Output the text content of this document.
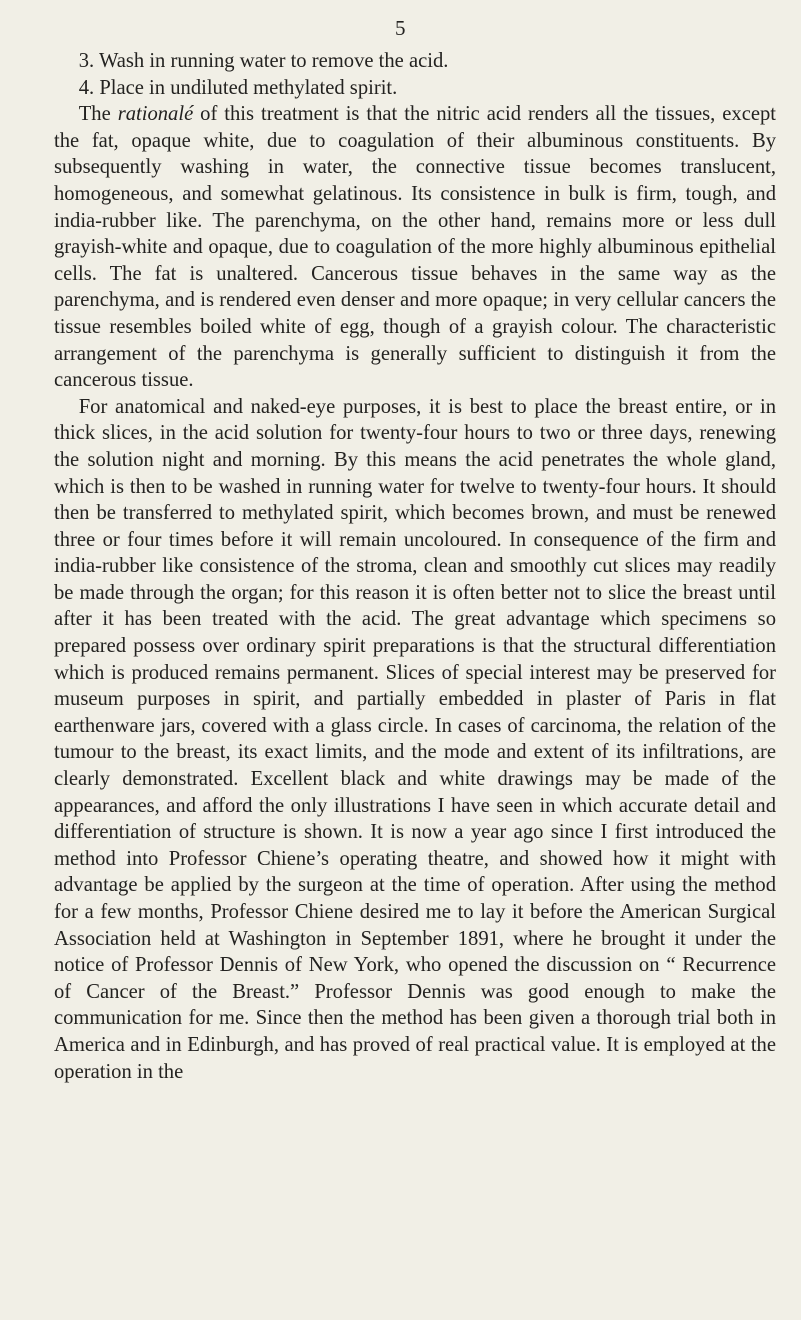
5

3. Wash in running water to remove the acid.

4. Place in undiluted methylated spirit.

The rationalé of this treatment is that the nitric acid renders all the tissues, except the fat, opaque white, due to coagulation of their albuminous constituents. By subsequently washing in water, the connective tissue becomes translucent, homogeneous, and somewhat gelatinous. Its consistence in bulk is firm, tough, and india-rubber like. The parenchyma, on the other hand, remains more or less dull grayish-white and opaque, due to coagulation of the more highly albuminous epithelial cells. The fat is unaltered. Cancerous tissue behaves in the same way as the parenchyma, and is rendered even denser and more opaque; in very cellular cancers the tissue resembles boiled white of egg, though of a grayish colour. The characteristic arrangement of the parenchyma is generally sufficient to distinguish it from the cancerous tissue.

For anatomical and naked-eye purposes, it is best to place the breast entire, or in thick slices, in the acid solution for twenty-four hours to two or three days, renewing the solution night and morning. By this means the acid penetrates the whole gland, which is then to be washed in running water for twelve to twenty-four hours. It should then be transferred to methylated spirit, which becomes brown, and must be renewed three or four times before it will remain uncoloured. In consequence of the firm and india-rubber like consistence of the stroma, clean and smoothly cut slices may readily be made through the organ; for this reason it is often better not to slice the breast until after it has been treated with the acid. The great advantage which specimens so prepared possess over ordinary spirit preparations is that the structural differentiation which is produced remains permanent. Slices of special interest may be preserved for museum purposes in spirit, and partially embedded in plaster of Paris in flat earthenware jars, covered with a glass circle. In cases of carcinoma, the relation of the tumour to the breast, its exact limits, and the mode and extent of its infiltrations, are clearly demonstrated. Excellent black and white drawings may be made of the appearances, and afford the only illustrations I have seen in which accurate detail and differentiation of structure is shown. It is now a year ago since I first introduced the method into Professor Chiene’s operating theatre, and showed how it might with advantage be applied by the surgeon at the time of operation. After using the method for a few months, Professor Chiene desired me to lay it before the American Surgical Association held at Washington in September 1891, where he brought it under the notice of Professor Dennis of New York, who opened the discussion on “ Recurrence of Cancer of the Breast.” Professor Dennis was good enough to make the communication for me. Since then the method has been given a thorough trial both in America and in Edinburgh, and has proved of real practical value. It is employed at the operation in the
